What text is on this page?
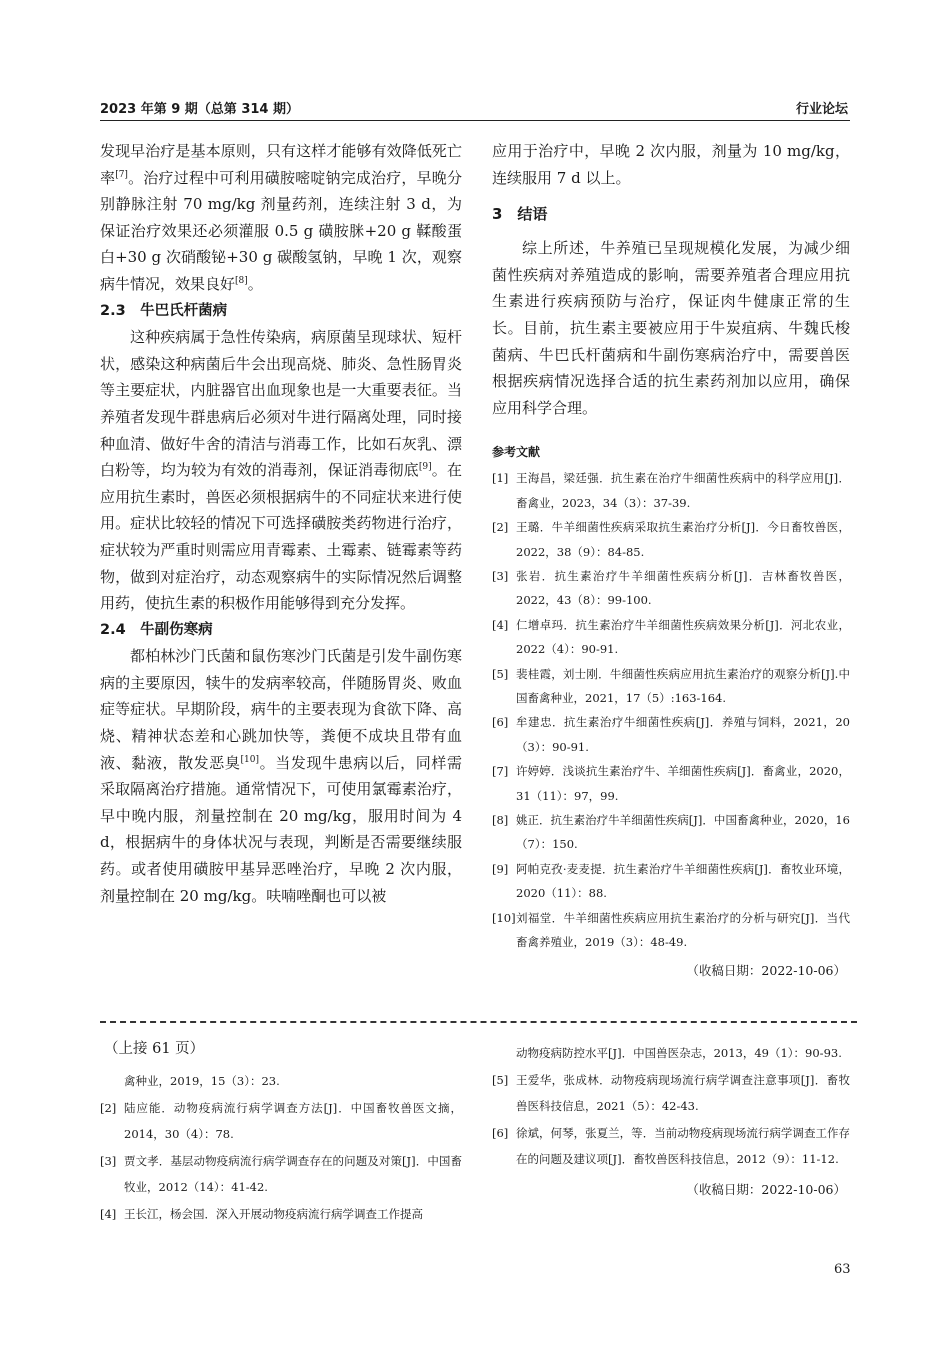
2023 年第 9 期（总第 314 期）	行业论坛

发现早治疗是基本原则，只有这样才能够有效降低死亡率[7]。治疗过程中可利用磺胺嘧啶钠完成治疗，早晚分别静脉注射 70 mg/kg 剂量药剂，连续注射 3 d，为保证治疗效果还必须灌服 0.5 g 磺胺脒+20 g 鞣酸蛋白+30 g 次硝酸铋+30 g 碳酸氢钠，早晚 1 次，观察病牛情况，效果良好[8]。

2.3　牛巴氏杆菌病

这种疾病属于急性传染病，病原菌呈现球状、短杆状，感染这种病菌后牛会出现高烧、肺炎、急性肠胃炎等主要症状，内脏器官出血现象也是一大重要表征。当养殖者发现牛群患病后必须对牛进行隔离处理，同时接种血清、做好牛舍的清洁与消毒工作，比如石灰乳、漂白粉等，均为较为有效的消毒剂，保证消毒彻底[9]。在应用抗生素时，兽医必须根据病牛的不同症状来进行使用。症状比较轻的情况下可选择磺胺类药物进行治疗，症状较为严重时则需应用青霉素、土霉素、链霉素等药物，做到对症治疗，动态观察病牛的实际情况然后调整用药，使抗生素的积极作用能够得到充分发挥。

2.4　牛副伤寒病

都柏林沙门氏菌和鼠伤寒沙门氏菌是引发牛副伤寒病的主要原因，犊牛的发病率较高，伴随肠胃炎、败血症等症状。早期阶段，病牛的主要表现为食欲下降、高烧、精神状态差和心跳加快等，粪便不成块且带有血液、黏液，散发恶臭[10]。当发现牛患病以后，同样需采取隔离治疗措施。通常情况下，可使用氯霉素治疗，早中晚内服，剂量控制在 20 mg/kg，服用时间为 4 d，根据病牛的身体状况与表现，判断是否需要继续服药。或者使用磺胺甲基异恶唑治疗，早晚 2 次内服，剂量控制在 20 mg/kg。呋喃唑酮也可以被

应用于治疗中，早晚 2 次内服，剂量为 10 mg/kg，连续服用 7 d 以上。

3　结语

综上所述，牛养殖已呈现规模化发展，为减少细菌性疾病对养殖造成的影响，需要养殖者合理应用抗生素进行疾病预防与治疗，保证肉牛健康正常的生长。目前，抗生素主要被应用于牛炭疽病、牛魏氏梭菌病、牛巴氏杆菌病和牛副伤寒病治疗中，需要兽医根据疾病情况选择合适的抗生素药剂加以应用，确保应用科学合理。

参考文献

[1] 王海昌，梁廷强．抗生素在治疗牛细菌性疾病中的科学应用[J]．畜禽业，2023，34（3）：37-39.
[2] 王璐．牛羊细菌性疾病采取抗生素治疗分析[J]．今日畜牧兽医，2022，38（9）：84-85.
[3] 张岩．抗生素治疗牛羊细菌性疾病分析[J]．吉林畜牧兽医，2022，43（8）：99-100.
[4] 仁增卓玛．抗生素治疗牛羊细菌性疾病效果分析[J]．河北农业，2022（4）：90-91.
[5] 裴桂霞，刘士刚．牛细菌性疾病应用抗生素治疗的观察分析[J].中国畜禽种业，2021，17（5）:163-164.
[6] 牟建忠．抗生素治疗牛细菌性疾病[J]．养殖与饲料，2021，20（3）：90-91.
[7] 许婷婷．浅谈抗生素治疗牛、羊细菌性疾病[J]．畜禽业，2020，31（11）：97，99.
[8] 姚正．抗生素治疗牛羊细菌性疾病[J]．中国畜禽种业，2020，16（7）：150.
[9] 阿帕克孜·麦麦提．抗生素治疗牛羊细菌性疾病[J]．畜牧业环境，2020（11）：88.
[10] 刘福堂．牛羊细菌性疾病应用抗生素治疗的分析与研究[J]．当代畜禽养殖业，2019（3）：48-49.

（收稿日期：2022-10-06）

（上接 61 页）

禽种业，2019，15（3）：23.
[2] 陆应能．动物疫病流行病学调查方法[J]．中国畜牧兽医文摘，2014，30（4）：78.
[3] 贾文孝．基层动物疫病流行病学调查存在的问题及对策[J]．中国畜牧业，2012（14）：41-42.
[4] 王长江，杨会国．深入开展动物疫病流行病学调查工作提高
动物疫病防控水平[J]．中国兽医杂志，2013，49（1）：90-93.
[5] 王爱华，张成林．动物疫病现场流行病学调查注意事项[J]．畜牧兽医科技信息，2021（5）：42-43.
[6] 徐斌，何琴，张夏兰，等．当前动物疫病现场流行病学调查工作存在的问题及建议项[J]．畜牧兽医科技信息，2012（9）：11-12.

（收稿日期：2022-10-06）

63
